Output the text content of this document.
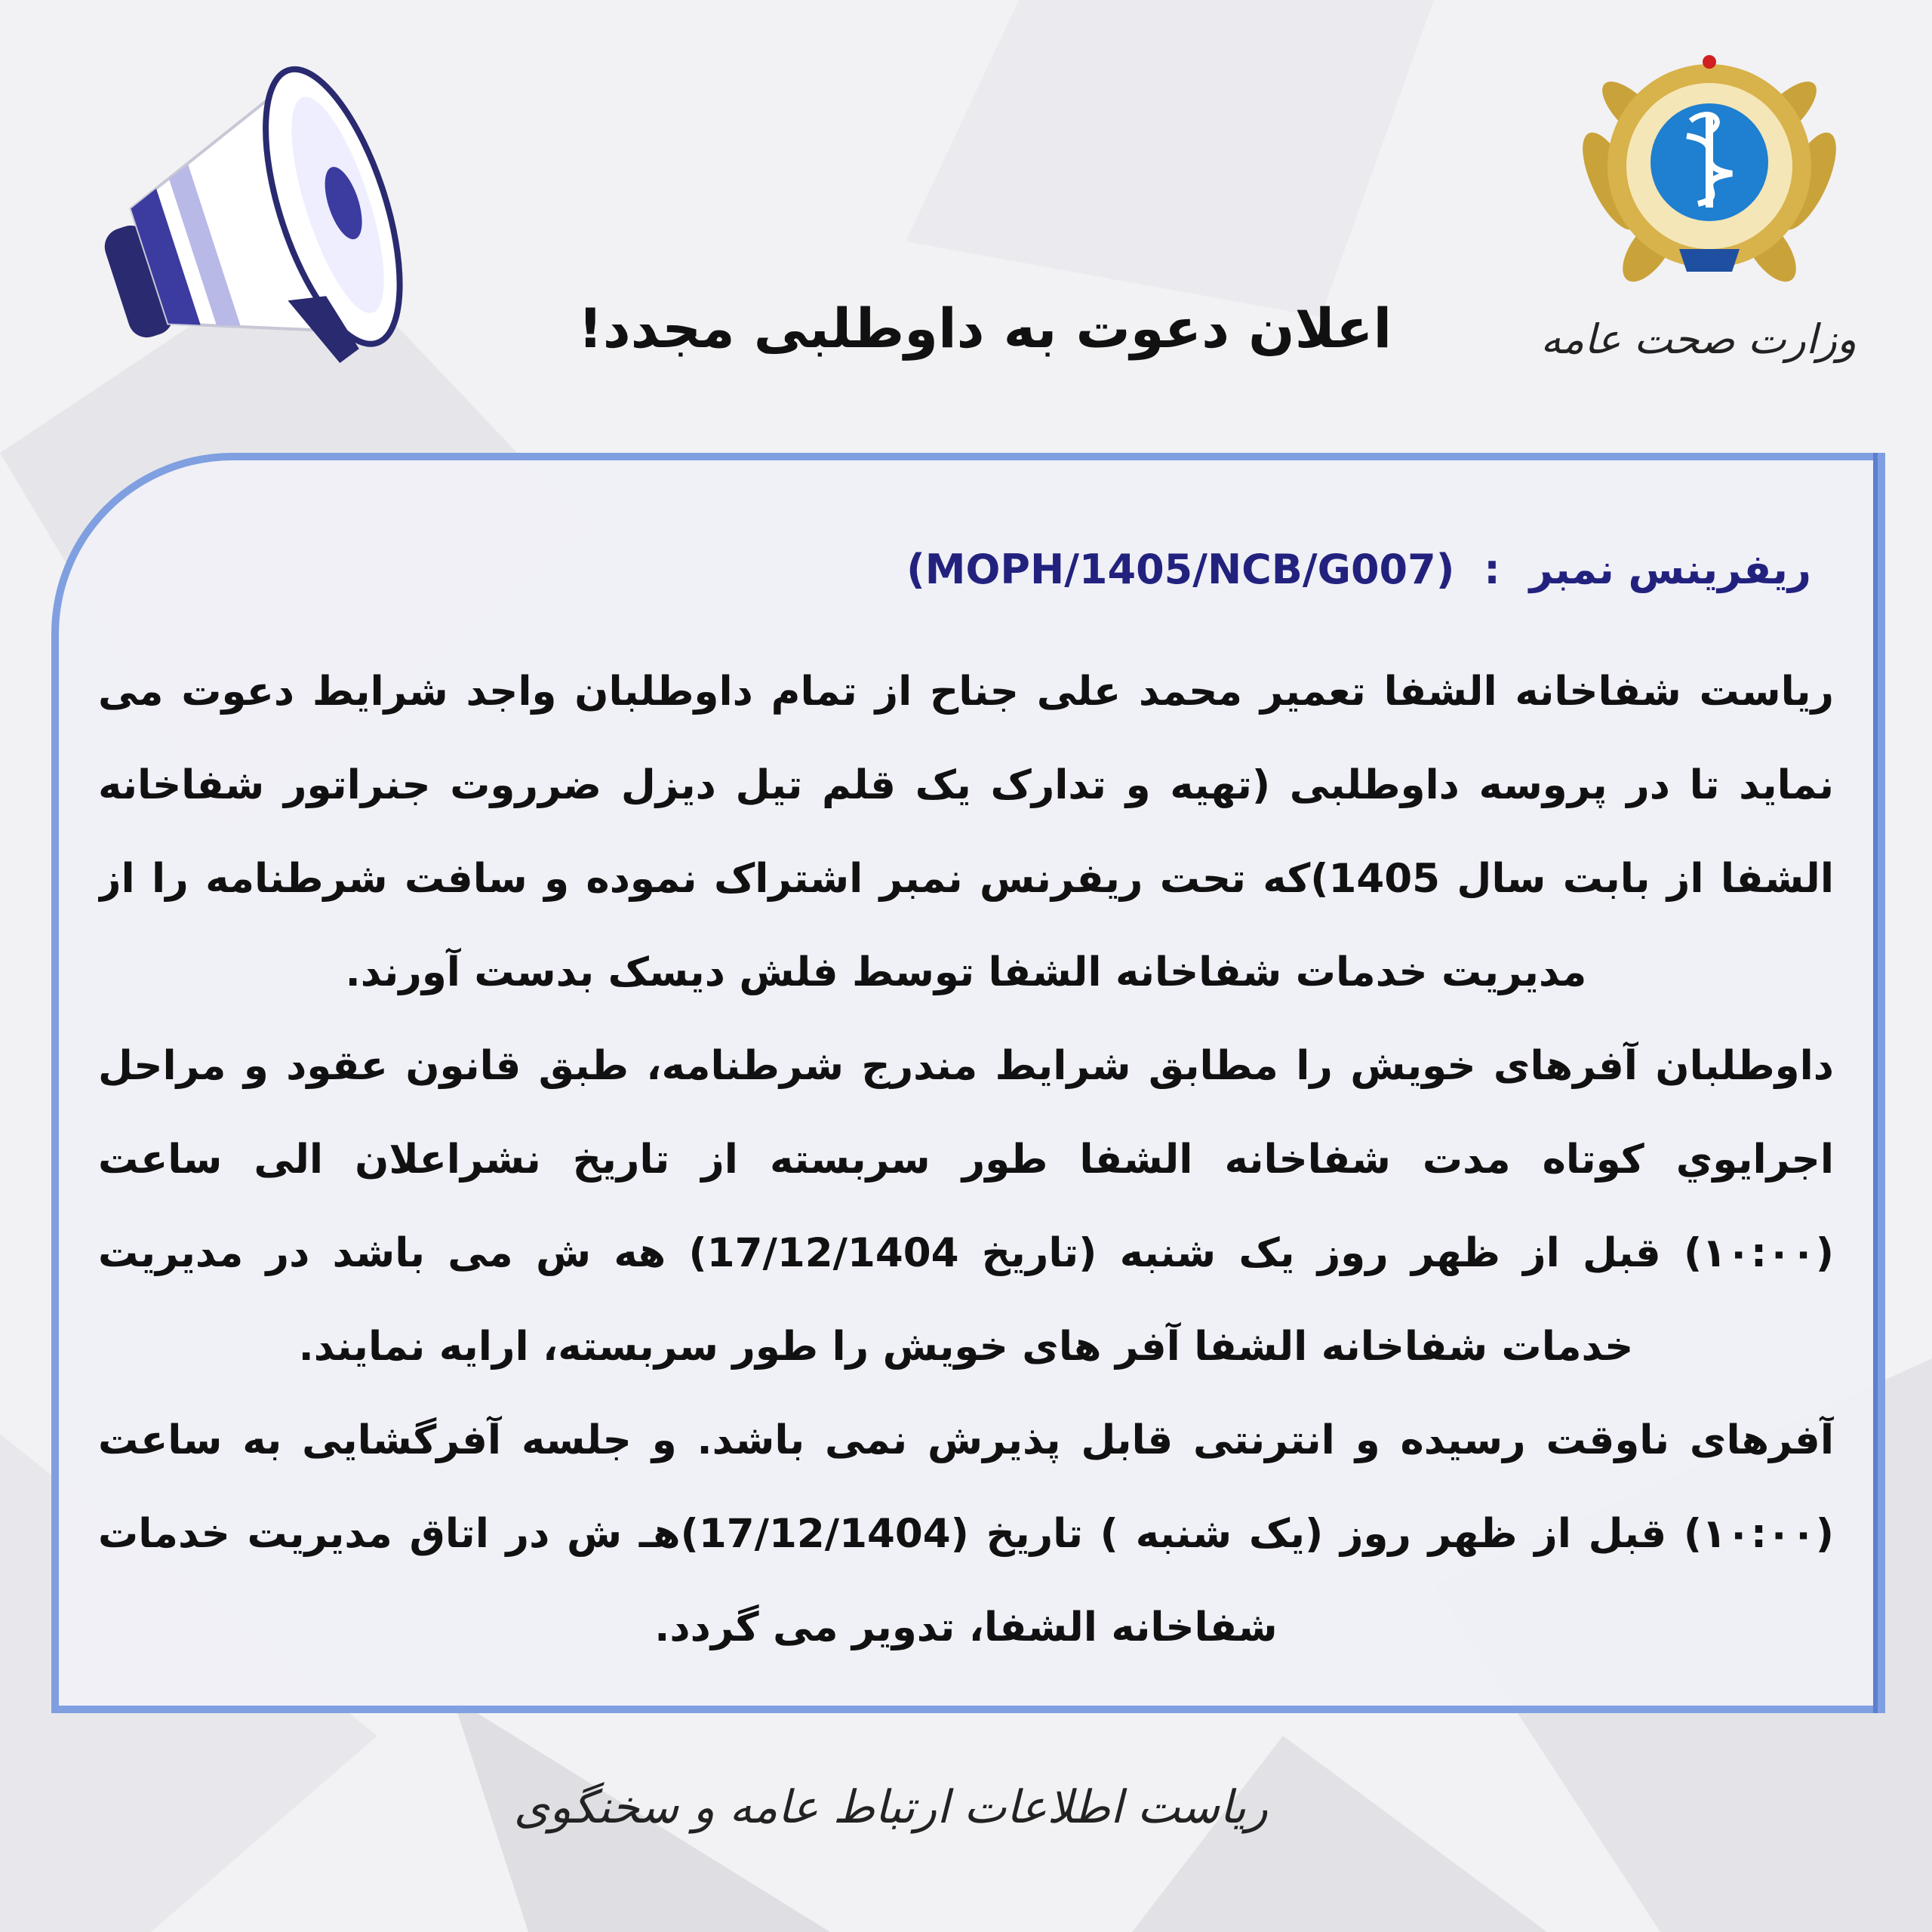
وزارت صحت عامه
اعلان دعوت به داوطلبی مجدد!
ریفرینس نمبر : (MOPH/1405/NCB/G007)
ریاست شفاخانه الشفا تعمیر محمد علی جناح از تمام داوطلبان واجد شرایط دعوت می
نماید تا در پروسه داوطلبی (تهیه و تدارک یک قلم تیل دیزل ضرروت جنراتور شفاخانه
الشفا از بابت سال 1405)که تحت ریفرنس نمبر اشتراک نموده و سافت شرطنامه را از
مدیریت خدمات شفاخانه الشفا توسط فلش دیسک بدست آورند.
داوطلبان آفرهای خویش را مطابق شرایط مندرج شرطنامه، طبق قانون عقود و مراحل
اجرایوي کوتاه مدت شفاخانه الشفا طور سربسته از تاریخ نشراعلان الی ساعت
(۱۰:۰۰) قبل از ظهر روز یک شنبه (تاریخ 17/12/1404) هه ش می باشد در مدیریت
خدمات شفاخانه الشفا آفر های خویش را طور سربسته، ارایه نمایند.
آفرهای ناوقت رسیده و انترنتی قابل پذیرش نمی باشد. و جلسه آفرگشایی به ساعت
(۱۰:۰۰) قبل از ظهر روز (یک شنبه ) تاریخ (17/12/1404)هـ ش در اتاق مدیریت خدمات
شفاخانه الشفا، تدویر می گردد.
ریاست اطلاعات ارتباط عامه و سخنگوی
